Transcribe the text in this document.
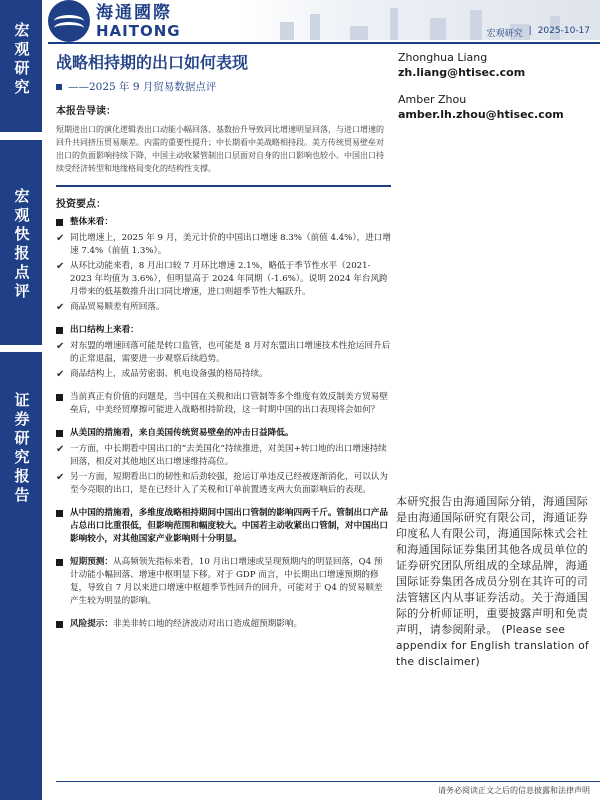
宏观研究
宏观快报点评
证券研究报告
海通國際
HAITONG	宏观研究 | 2025-10-17
战略相持期的出口如何表现
——2025 年 9 月贸易数据点评
Zhonghua Liang
zh.liang@htisec.com
Amber Zhou
amber.lh.zhou@htisec.com
本报告导读：
短期进出口的演化逻辑表出口动能小幅回落、基数抬升导致同比增速明显回落，与进口增速的回升共同挤压贸易顺差。内需的重要性提升；中长期看中美战略相持段。美方传统贸易壁垒对出口的负面影响持续下降，中国主动收紧管制出口层面对自身的出口影响也较小。中国出口持续受经济转型和地缘格局变化的结构性支撑。
投资要点：
整体来看：
✔
同比增速上，2025 年 9 月，美元计价的中国出口增速 8.3%（前值 4.4%），进口增速 7.4%（前值 1.3%）。
✔
从环比动能来看，8 月出口较 7 月环比增速 2.1%，略低于季节性水平（2021-2023 年均值为 3.6%），但明显高于 2024 年同期（-1.6%）。说明 2024 年台风跨月带来的低基数推升出口同比增速，进口则超季节性大幅跃升。
✔
商品贸易顺差有所回落。
出口结构上来看：
✔
对东盟的增速回落可能是转口监管，也可能是 8 月对东盟出口增速技术性抢运回升后的正常退温，需要进一步观察后续趋势。
✔
商品结构上，成品劳密弱、机电设备强的格局持续。
当前真正有价值的问题是，当中国在关税和出口管制等多个维度有效反制美方贸易壁垒后，中美经贸摩擦可能进入战略相持阶段，这一时期中国的出口表现将会如何？
从美国的措施看，来自美国传统贸易壁垒的冲击日益降低。
✔
一方面，中长期看中国出口的“去美国化”持续推进，对美国+转口地的出口增速持续回落，相反对其他地区出口增速维持高位。
✔
另一方面，短期看出口的韧性和后劲较强，抢运订单违反已经被逐渐消化，可以认为至今亮眼的出口，是在已经计入了关税和订单前置透支两大负面影响后的表现。
从中国的措施看，多维度战略相持期间中国出口管制的影响四两千斤。管制出口产品占总出口比重很低，但影响范围和幅度较大。中国若主动收紧出口管制，对中国出口影响较小，对其他国家产业影响则十分明显。
短期预测：从高频领先指标来看，10 月出口增速或呈现预期内的明显回落，Q4 预计动能小幅回落、增速中枢明显下移。对于 GDP 而言，中长期出口增速预期的修复，导致自 7 月以来进口增速中枢超季节性回升的回升，可能对于 Q4 的贸易顺差产生较为明显的影响。
风险提示：非美非转口地的经济波动对出口造成超预期影响。
本研究报告由海通国际分销，海通国际是由海通国际研究有限公司，海通证券印度私人有限公司，海通国际株式会社和海通国际证券集团其他各成员单位的证券研究团队所组成的全球品牌，海通国际证券集团各成员分别在其许可的司法管辖区内从事证券活动。关于海通国际的分析师证明，重要披露声明和免责声明，请参阅附录。 (Please see appendix for English translation of the disclaimer)
请务必阅读正文之后的信息披露和法律声明
